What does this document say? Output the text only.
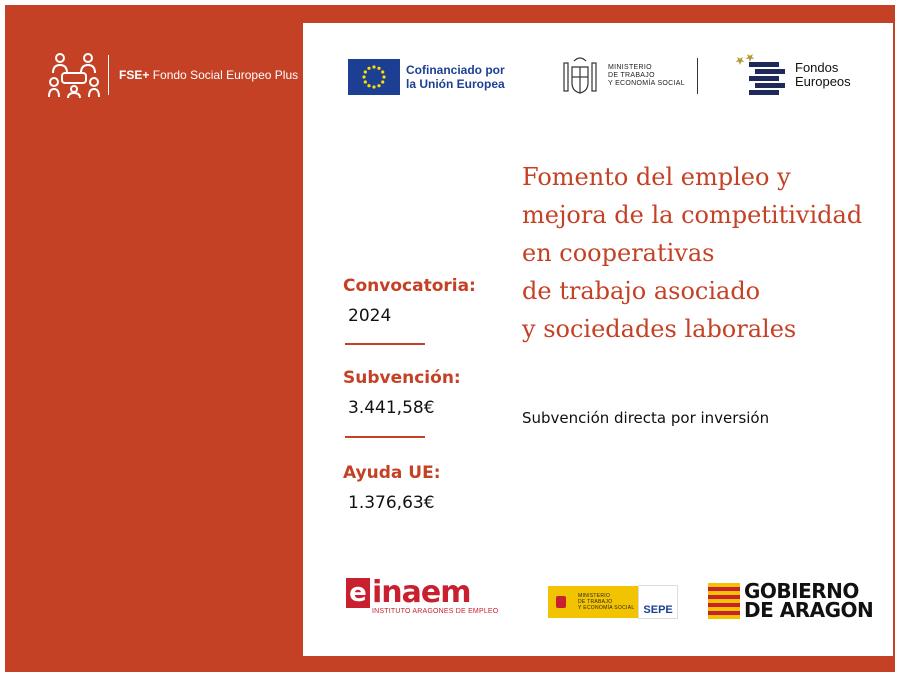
FSE+ Fondo Social Europeo Plus	Cofinanciado por
la Unión Europea
MINISTERIO
DE TRABAJO
Y ECONOMÍA SOCIAL
Fondos
Europeos
Fomento del empleo y
mejora de la competitividad
en cooperativas
de trabajo asociado
y sociedades laborales
Subvención directa por inversión
Convocatoria:
2024
Subvención:
3.441,58€
Ayuda UE:
1.376,63€
e inaem
INSTITUTO ARAGONES DE EMPLEO
MINISTERIO
DE TRABAJO
Y ECONOMÍA SOCIAL SEPE
GOBIERNO
DE ARAGON
